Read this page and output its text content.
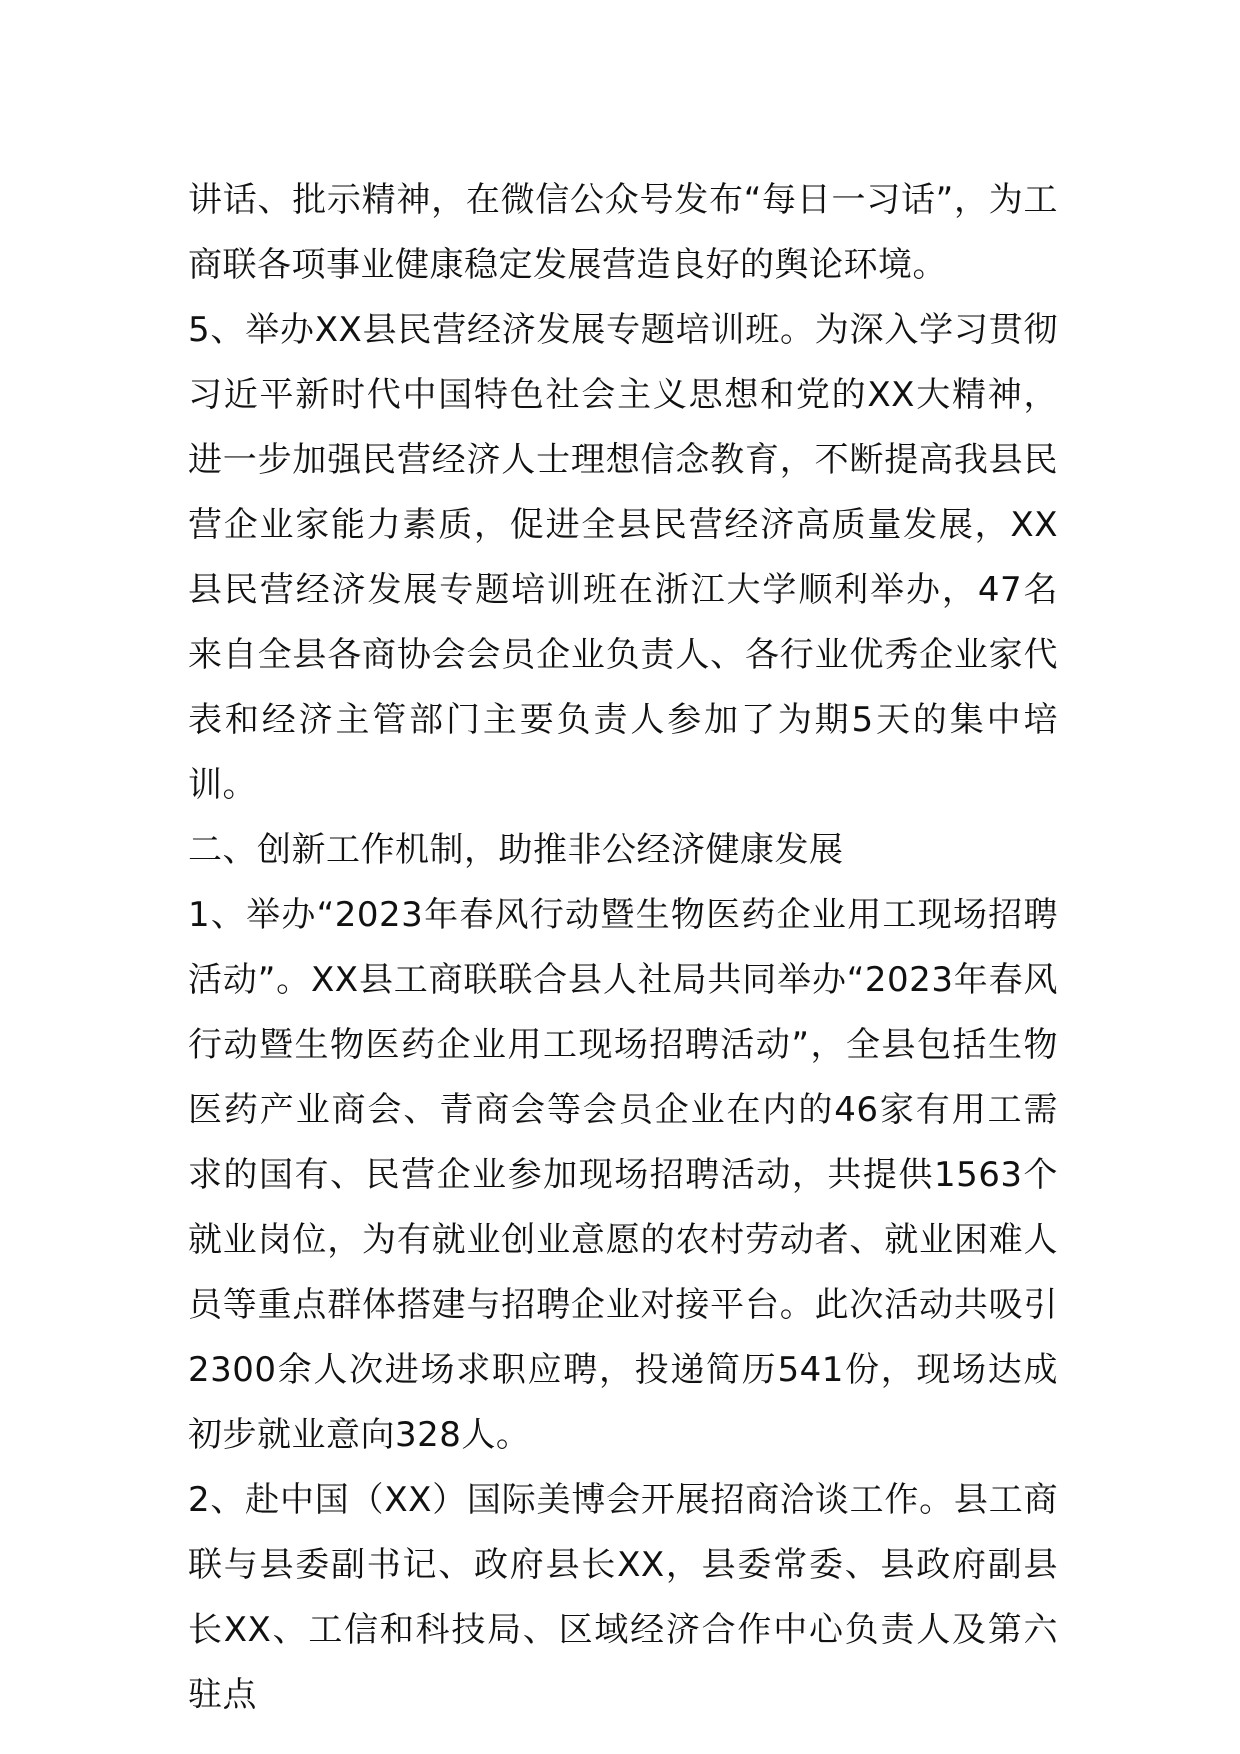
讲话、批示精神，在微信公众号发布“每日一习话”，为工商联各项事业健康稳定发展营造良好的舆论环境。

5、举办XX县民营经济发展专题培训班。为深入学习贯彻习近平新时代中国特色社会主义思想和党的XX大精神，进一步加强民营经济人士理想信念教育，不断提高我县民营企业家能力素质，促进全县民营经济高质量发展，XX县民营经济发展专题培训班在浙江大学顺利举办，47名来自全县各商协会会员企业负责人、各行业优秀企业家代表和经济主管部门主要负责人参加了为期5天的集中培训。

二、创新工作机制，助推非公经济健康发展

1、举办“2023年春风行动暨生物医药企业用工现场招聘活动”。XX县工商联联合县人社局共同举办“2023年春风行动暨生物医药企业用工现场招聘活动”，全县包括生物医药产业商会、青商会等会员企业在内的46家有用工需求的国有、民营企业参加现场招聘活动，共提供1563个就业岗位，为有就业创业意愿的农村劳动者、就业困难人员等重点群体搭建与招聘企业对接平台。此次活动共吸引2300余人次进场求职应聘，投递简历541份，现场达成初步就业意向328人。

2、赴中国（XX）国际美博会开展招商洽谈工作。县工商联与县委副书记、政府县长XX，县委常委、县政府副县长XX、工信和科技局、区域经济合作中心负责人及第六驻点
